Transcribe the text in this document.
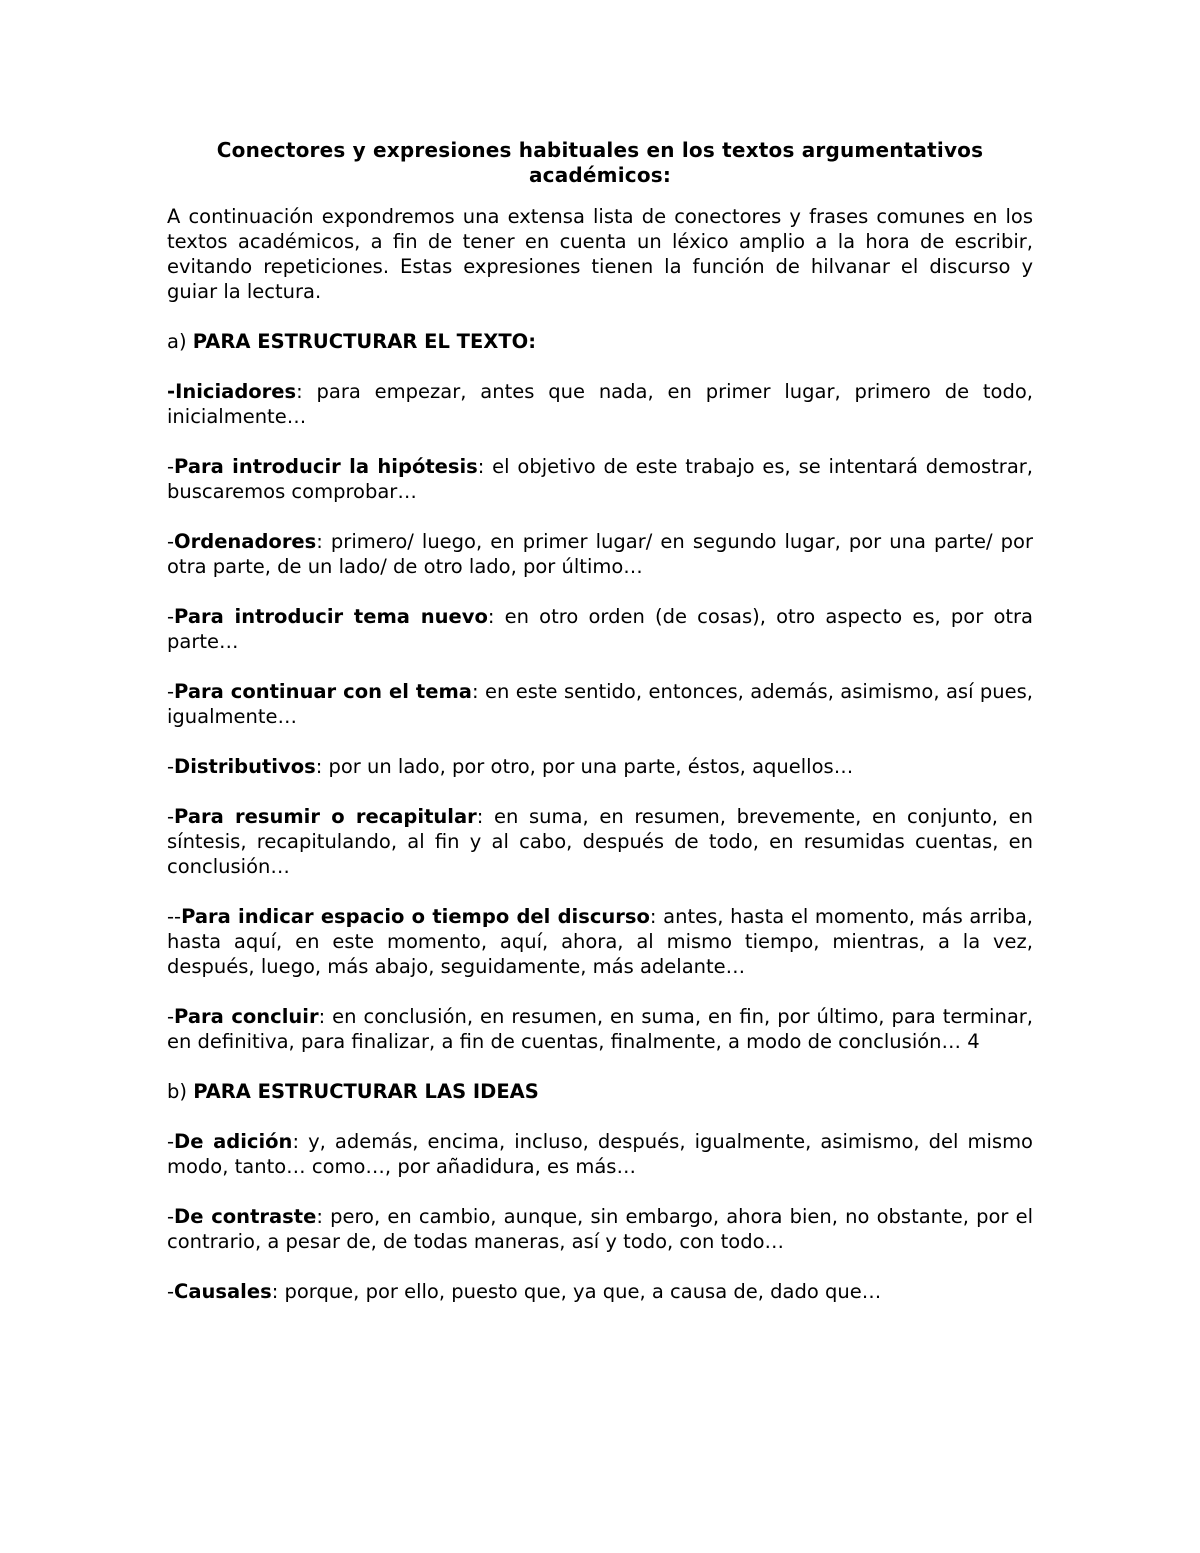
Conectores y expresiones habituales en los textos argumentativos
académicos:

A continuación expondremos una extensa lista de conectores y frases comunes en los textos académicos, a fin de tener en cuenta un léxico amplio a la hora de escribir, evitando repeticiones. Estas expresiones tienen la función de hilvanar el discurso y guiar la lectura.

a) PARA ESTRUCTURAR EL TEXTO:

-Iniciadores: para empezar, antes que nada, en primer lugar, primero de todo, inicialmente…

-Para introducir la hipótesis: el objetivo de este trabajo es, se intentará demostrar, buscaremos comprobar…

-Ordenadores: primero/ luego, en primer lugar/ en segundo lugar, por una parte/ por otra parte, de un lado/ de otro lado, por último…

-Para introducir tema nuevo: en otro orden (de cosas), otro aspecto es, por otra parte…

-Para continuar con el tema: en este sentido, entonces, además, asimismo, así pues, igualmente…

-Distributivos: por un lado, por otro, por una parte, éstos, aquellos…

-Para resumir o recapitular: en suma, en resumen, brevemente, en conjunto, en síntesis, recapitulando, al fin y al cabo, después de todo, en resumidas cuentas, en conclusión…

--Para indicar espacio o tiempo del discurso: antes, hasta el momento, más arriba, hasta aquí, en este momento, aquí, ahora, al mismo tiempo, mientras, a la vez, después, luego, más abajo, seguidamente, más adelante…

-Para concluir: en conclusión, en resumen, en suma, en fin, por último, para terminar, en definitiva, para finalizar, a fin de cuentas, finalmente, a modo de conclusión… 4

b) PARA ESTRUCTURAR LAS IDEAS

-De adición: y, además, encima, incluso, después, igualmente, asimismo, del mismo modo, tanto… como…, por añadidura, es más…

-De contraste: pero, en cambio, aunque, sin embargo, ahora bien, no obstante, por el contrario, a pesar de, de todas maneras, así y todo, con todo…

-Causales: porque, por ello, puesto que, ya que, a causa de, dado que…
